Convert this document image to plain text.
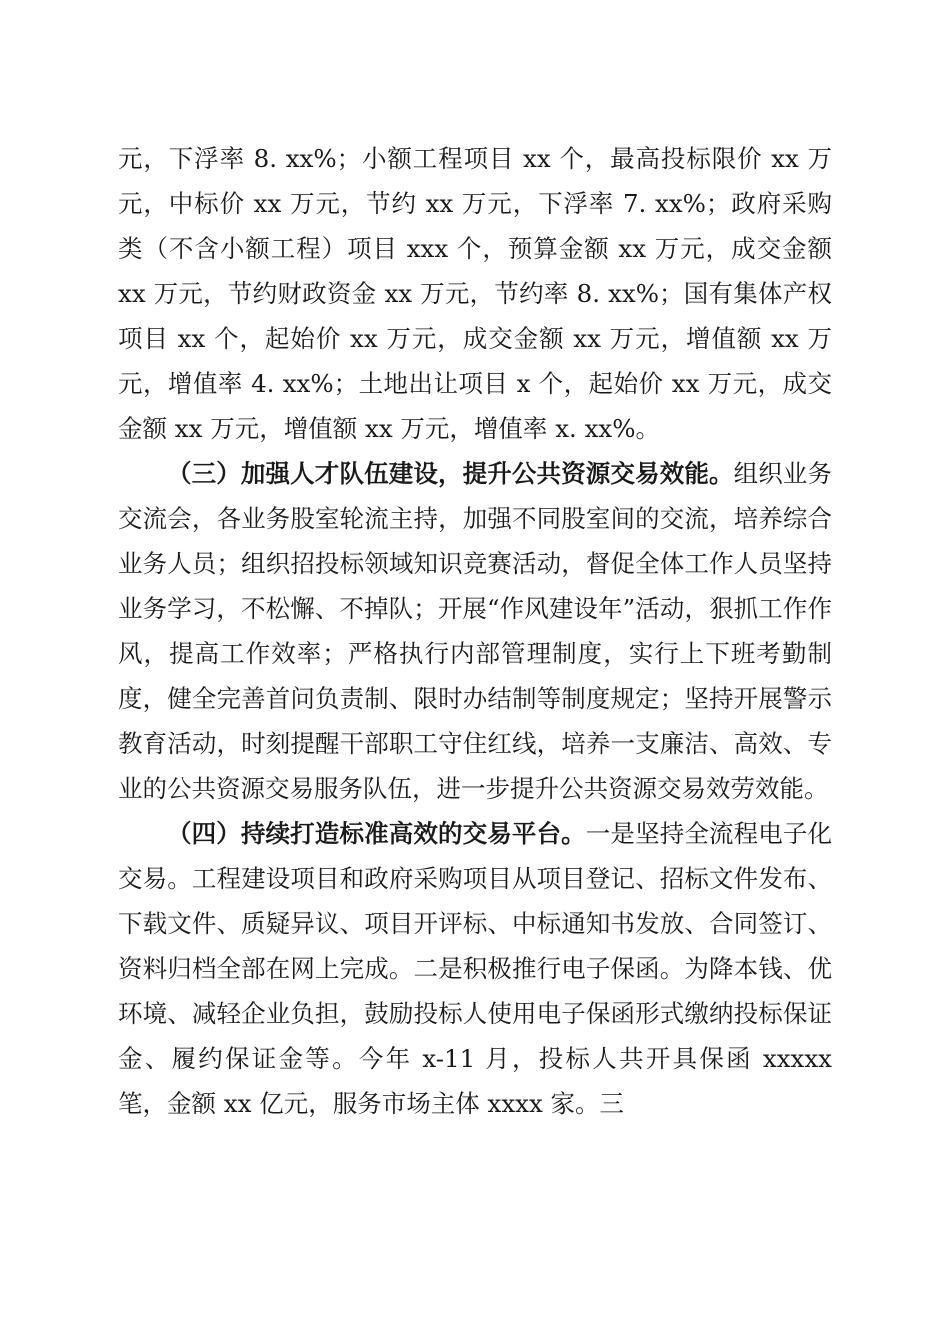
元，下浮率 8. xx%；小额工程项目 xx 个，最高投标限价 xx 万元，中标价 xx 万元，节约 xx 万元，下浮率 7. xx%；政府采购类（不含小额工程）项目 xxx 个，预算金额 xx 万元，成交金额 xx 万元，节约财政资金 xx 万元，节约率 8. xx%；国有集体产权项目 xx 个，起始价 xx 万元，成交金额 xx 万元，增值额 xx 万元，增值率 4. xx%；土地出让项目 x 个，起始价 xx 万元，成交金额 xx 万元，增值额 xx 万元，增值率 x. xx%。

（三）加强人才队伍建设，提升公共资源交易效能。组织业务交流会，各业务股室轮流主持，加强不同股室间的交流，培养综合业务人员；组织招投标领域知识竞赛活动，督促全体工作人员坚持业务学习，不松懈、不掉队；开展“作风建设年”活动，狠抓工作作风，提高工作效率；严格执行内部管理制度，实行上下班考勤制度，健全完善首问负责制、限时办结制等制度规定；坚持开展警示教育活动，时刻提醒干部职工守住红线，培养一支廉洁、高效、专业的公共资源交易服务队伍，进一步提升公共资源交易效劳效能。

（四）持续打造标准高效的交易平台。一是坚持全流程电子化交易。工程建设项目和政府采购项目从项目登记、招标文件发布、下载文件、质疑异议、项目开评标、中标通知书发放、合同签订、资料归档全部在网上完成。二是积极推行电子保函。为降本钱、优环境、减轻企业负担，鼓励投标人使用电子保函形式缴纳投标保证金、履约保证金等。今年 x-11 月，投标人共开具保函 xxxxx 笔，金额 xx 亿元，服务市场主体 xxxx 家。三
